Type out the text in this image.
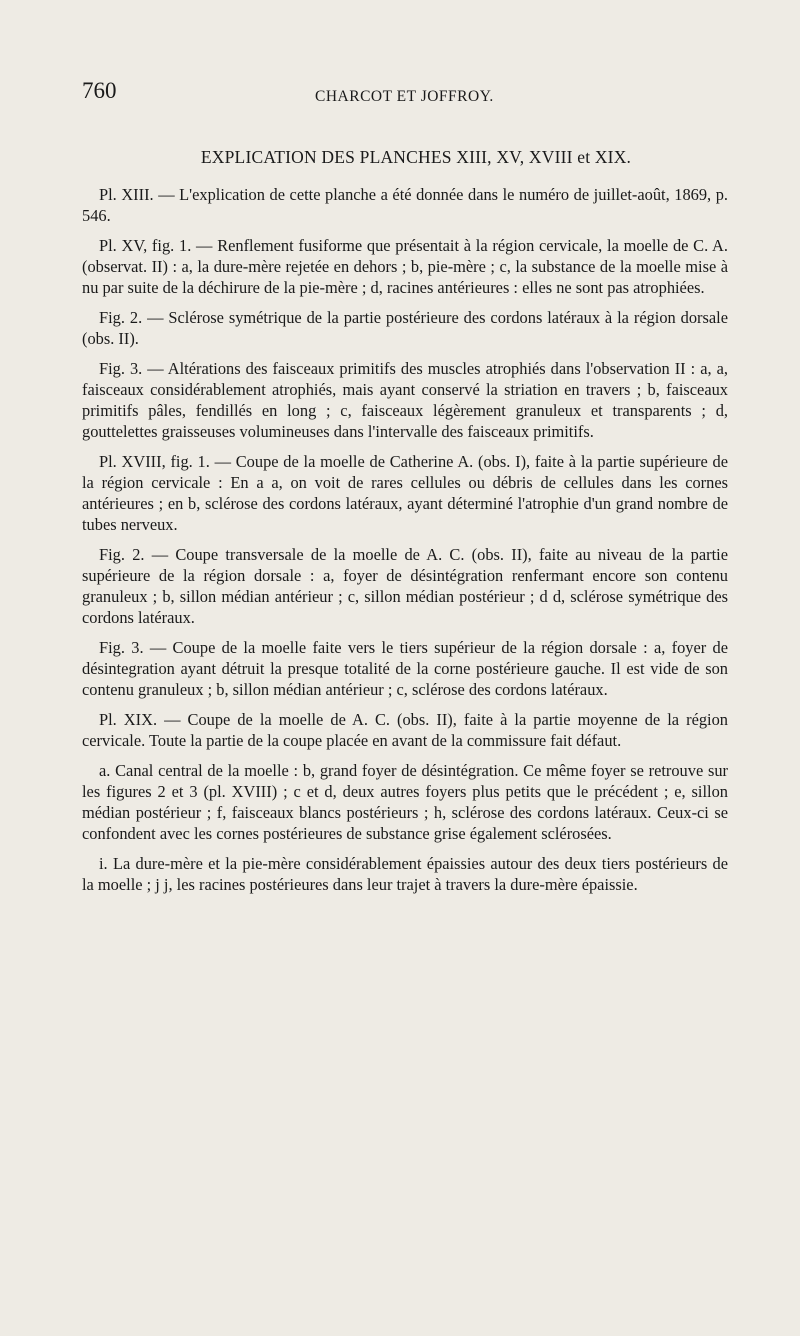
760	CHARCOT ET JOFFROY.
EXPLICATION DES PLANCHES XIII, XV, XVIII et XIX.

Pl. XIII. — L'explication de cette planche a été donnée dans le numéro de juillet-août, 1869, p. 546.

Pl. XV, fig. 1. — Renflement fusiforme que présentait à la région cervicale, la moelle de C. A. (observat. II) : a, la dure-mère rejetée en dehors ; b, pie-mère ; c, la substance de la moelle mise à nu par suite de la déchirure de la pie-mère ; d, racines antérieures : elles ne sont pas atrophiées.

Fig. 2. — Sclérose symétrique de la partie postérieure des cordons latéraux à la région dorsale (obs. II).

Fig. 3. — Altérations des faisceaux primitifs des muscles atrophiés dans l'observation II : a, a, faisceaux considérablement atrophiés, mais ayant conservé la striation en travers ; b, faisceaux primitifs pâles, fendillés en long ; c, faisceaux légèrement granuleux et transparents ; d, gouttelettes graisseuses volumineuses dans l'intervalle des faisceaux primitifs.

Pl. XVIII, fig. 1. — Coupe de la moelle de Catherine A. (obs. I), faite à la partie supérieure de la région cervicale : En a a, on voit de rares cellules ou débris de cellules dans les cornes antérieures ; en b, sclérose des cordons latéraux, ayant déterminé l'atrophie d'un grand nombre de tubes nerveux.

Fig. 2. — Coupe transversale de la moelle de A. C. (obs. II), faite au niveau de la partie supérieure de la région dorsale : a, foyer de désintégration renfermant encore son contenu granuleux ; b, sillon médian antérieur ; c, sillon médian postérieur ; d d, sclérose symétrique des cordons latéraux.

Fig. 3. — Coupe de la moelle faite vers le tiers supérieur de la région dorsale : a, foyer de désintegration ayant détruit la presque totalité de la corne postérieure gauche. Il est vide de son contenu granuleux ; b, sillon médian antérieur ; c, sclérose des cordons latéraux.

Pl. XIX. — Coupe de la moelle de A. C. (obs. II), faite à la partie moyenne de la région cervicale. Toute la partie de la coupe placée en avant de la commissure fait défaut.

a. Canal central de la moelle : b, grand foyer de désintégration. Ce même foyer se retrouve sur les figures 2 et 3 (pl. XVIII) ; c et d, deux autres foyers plus petits que le précédent ; e, sillon médian postérieur ; f, faisceaux blancs postérieurs ; h, sclérose des cordons latéraux. Ceux-ci se confondent avec les cornes postérieures de substance grise également sclérosées.

i. La dure-mère et la pie-mère considérablement épaissies autour des deux tiers postérieurs de la moelle ; j j, les racines postérieures dans leur trajet à travers la dure-mère épaissie.
